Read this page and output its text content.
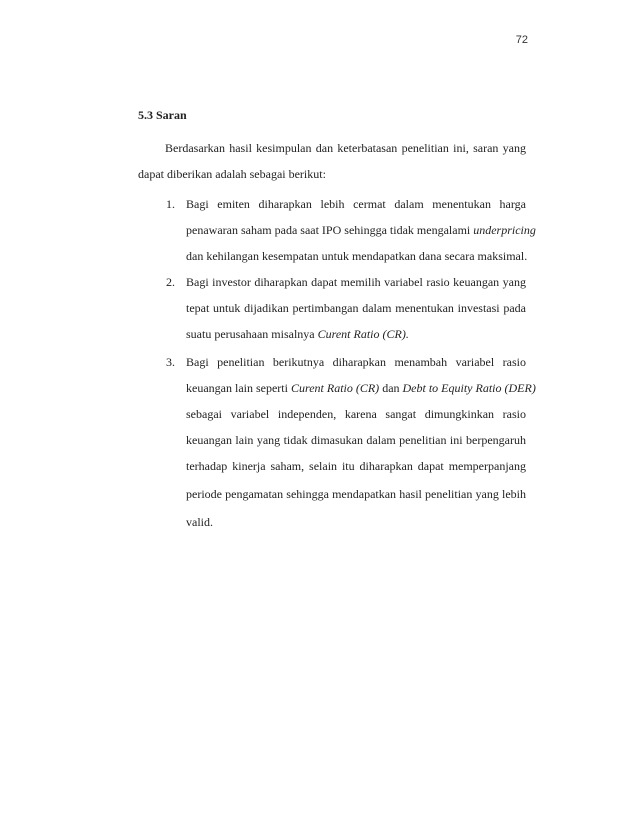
72
5.3 Saran
Berdasarkan hasil kesimpulan dan keterbatasan penelitian ini, saran yang
dapat diberikan adalah sebagai berikut:
1. Bagi emiten diharapkan lebih cermat dalam menentukan harga
penawaran saham pada saat IPO sehingga tidak mengalami underpricing
dan kehilangan kesempatan untuk mendapatkan dana secara maksimal.
2. Bagi investor diharapkan dapat memilih variabel rasio keuangan yang
tepat untuk dijadikan pertimbangan dalam menentukan investasi pada
suatu perusahaan misalnya Curent Ratio (CR).
3. Bagi penelitian berikutnya diharapkan menambah variabel rasio
keuangan lain seperti Curent Ratio (CR) dan Debt to Equity Ratio (DER)
sebagai variabel independen, karena sangat dimungkinkan rasio
keuangan lain yang tidak dimasukan dalam penelitian ini berpengaruh
terhadap kinerja saham, selain itu diharapkan dapat memperpanjang
periode pengamatan sehingga mendapatkan hasil penelitian yang lebih
valid.
